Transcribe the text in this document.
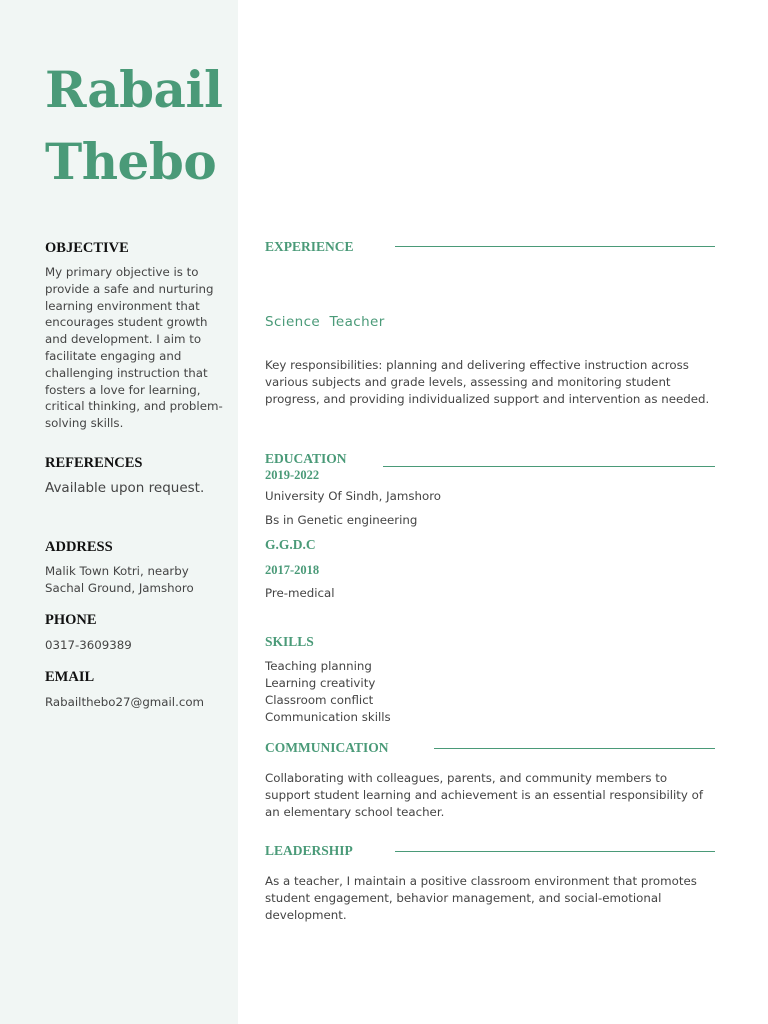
Rabail
Thebo
OBJECTIVE

My primary objective is to provide a safe and nurturing learning environment that encourages student growth and development. I aim to facilitate engaging and challenging instruction that fosters a love for learning, critical thinking, and problem-solving skills.

REFERENCES
Available upon request.
ADDRESS

Malik Town Kotri, nearby Sachal Ground, Jamshoro

PHONE
0317-3609389
EMAIL
Rabailthebo27@gmail.com
EXPERIENCE
Science  Teacher

Key responsibilities: planning and delivering effective instruction across various subjects and grade levels, assessing and monitoring student progress, and providing individualized support and intervention as needed.

EDUCATION
2019-2022
University Of Sindh, Jamshoro
Bs in Genetic engineering
G.G.D.C
2017-2018
Pre-medical
SKILLS
Teaching planning
Learning creativity
Classroom conflict
Communication skills
COMMUNICATION

Collaborating with colleagues, parents, and community members to support student learning and achievement is an essential responsibility of an elementary school teacher.

LEADERSHIP

As a teacher, I maintain a positive classroom environment that promotes student engagement, behavior management, and social-emotional development.
